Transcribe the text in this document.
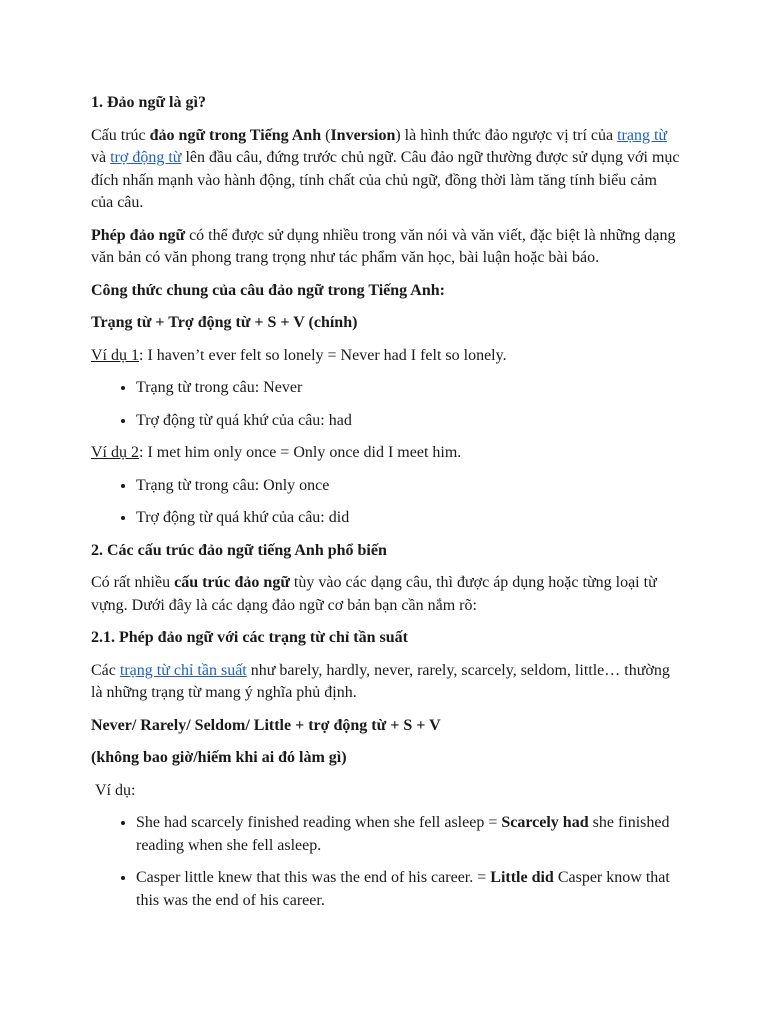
1. Đảo ngữ là gì?

Cấu trúc đảo ngữ trong Tiếng Anh (Inversion) là hình thức đảo ngược vị trí của trạng từ và trợ động từ lên đầu câu, đứng trước chủ ngữ. Câu đảo ngữ thường được sử dụng với mục đích nhấn mạnh vào hành động, tính chất của chủ ngữ, đồng thời làm tăng tính biểu cảm của câu.

Phép đảo ngữ có thể được sử dụng nhiều trong văn nói và văn viết, đặc biệt là những dạng văn bản có văn phong trang trọng như tác phẩm văn học, bài luận hoặc bài báo.

Công thức chung của câu đảo ngữ trong Tiếng Anh:

Trạng từ + Trợ động từ + S + V (chính)

Ví dụ 1: I haven’t ever felt so lonely = Never had I felt so lonely.

• Trạng từ trong câu: Never
• Trợ động từ quá khứ của câu: had

Ví dụ 2: I met him only once = Only once did I meet him.

• Trạng từ trong câu: Only once
• Trợ động từ quá khứ của câu: did

2. Các cấu trúc đảo ngữ tiếng Anh phổ biến

Có rất nhiều cấu trúc đảo ngữ tùy vào các dạng câu, thì được áp dụng hoặc từng loại từ vựng. Dưới đây là các dạng đảo ngữ cơ bản bạn cần nắm rõ:

2.1. Phép đảo ngữ với các trạng từ chỉ tần suất

Các trạng từ chỉ tần suất như barely, hardly, never, rarely, scarcely, seldom, little… thường là những trạng từ mang ý nghĩa phủ định.

Never/ Rarely/ Seldom/ Little + trợ động từ + S + V

(không bao giờ/hiếm khi ai đó làm gì)

Ví dụ:

• She had scarcely finished reading when she fell asleep = Scarcely had she finished reading when she fell asleep.
• Casper little knew that this was the end of his career. = Little did Casper know that this was the end of his career.
